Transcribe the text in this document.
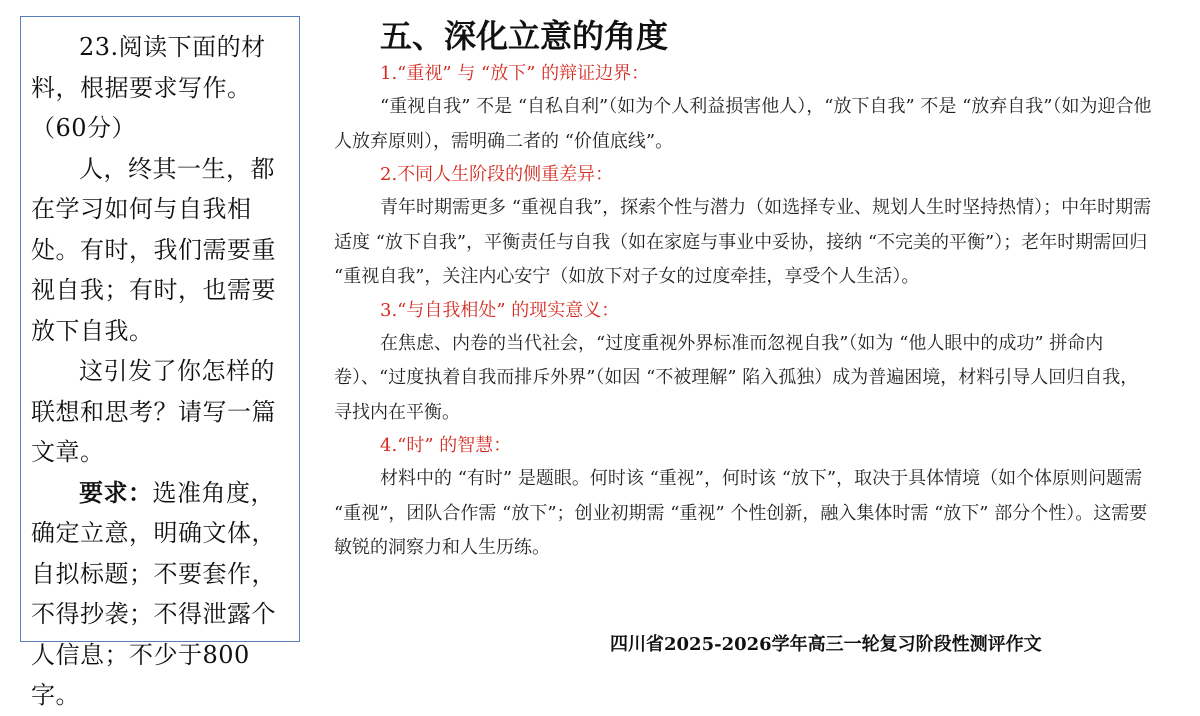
23.阅读下面的材料，根据要求写作。（60分）

人，终其一生，都在学习如何与自我相处。有时，我们需要重视自我；有时，也需要放下自我。

这引发了你怎样的联想和思考？请写一篇文章。

要求：选准角度，确定立意，明确文体，自拟标题；不要套作，不得抄袭；不得泄露个人信息；不少于800字。

五、深化立意的角度
1.“重视” 与 “放下” 的辩证边界：

“重视自我” 不是 “自私自利”（如为个人利益损害他人），“放下自我” 不是 “放弃自我”（如为迎合他人放弃原则），需明确二者的 “价值底线”。

2.不同人生阶段的侧重差异：

青年时期需更多 “重视自我”，探索个性与潜力（如选择专业、规划人生时坚持热情）；中年时期需适度 “放下自我”，平衡责任与自我（如在家庭与事业中妥协，接纳 “不完美的平衡”）；老年时期需回归 “重视自我”，关注内心安宁（如放下对子女的过度牵挂，享受个人生活）。

3.“与自我相处” 的现实意义：

在焦虑、内卷的当代社会，“过度重视外界标准而忽视自我”（如为 “他人眼中的成功” 拼命内卷）、“过度执着自我而排斥外界”（如因 “不被理解” 陷入孤独）成为普遍困境，材料引导人回归自我，寻找内在平衡。

4.“时” 的智慧：

材料中的 “有时” 是题眼。何时该 “重视”，何时该 “放下”，取决于具体情境（如个体原则问题需 “重视”，团队合作需 “放下”；创业初期需 “重视” 个性创新，融入集体时需 “放下” 部分个性）。这需要敏锐的洞察力和人生历练。

四川省2025-2026学年高三一轮复习阶段性测评作文
